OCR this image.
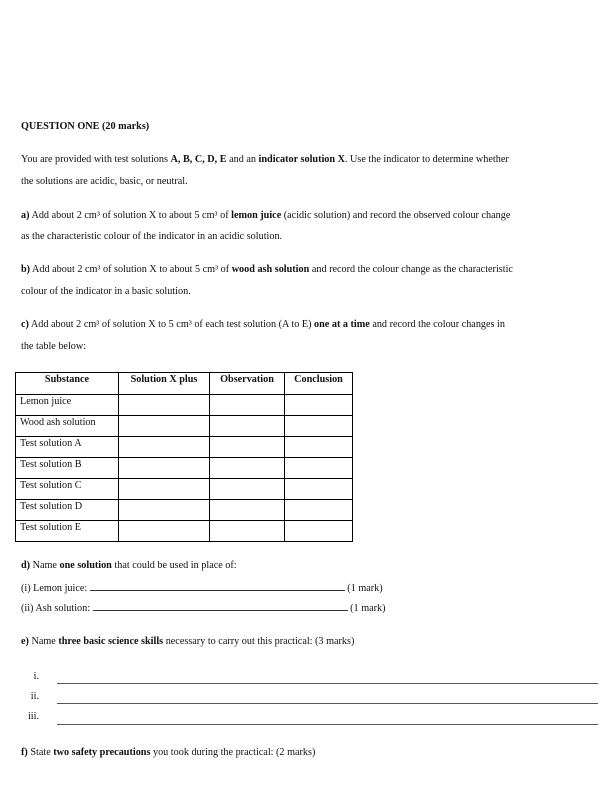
QUESTION ONE (20 marks)
You are provided with test solutions A, B, C, D, E and an indicator solution X. Use the indicator to determine whether
the solutions are acidic, basic, or neutral.
a) Add about 2 cm³ of solution X to about 5 cm³ of lemon juice (acidic solution) and record the observed colour change
as the characteristic colour of the indicator in an acidic solution.
b) Add about 2 cm³ of solution X to about 5 cm³ of wood ash solution and record the colour change as the characteristic
colour of the indicator in a basic solution.
c) Add about 2 cm³ of solution X to 5 cm³ of each test solution (A to E) one at a time and record the colour changes in
the table below:
Substance	Solution X plus	Observation	Conclusion
Lemon juice			
Wood ash solution			
Test solution A			
Test solution B			
Test solution C			
Test solution D			
Test solution E			
d) Name one solution that could be used in place of:
(i) Lemon juice:	(1 mark)
(ii) Ash solution:	(1 mark)
e) Name three basic science skills necessary to carry out this practical: (3 marks)
i.
ii.
iii.
f) State two safety precautions you took during the practical: (2 marks)
